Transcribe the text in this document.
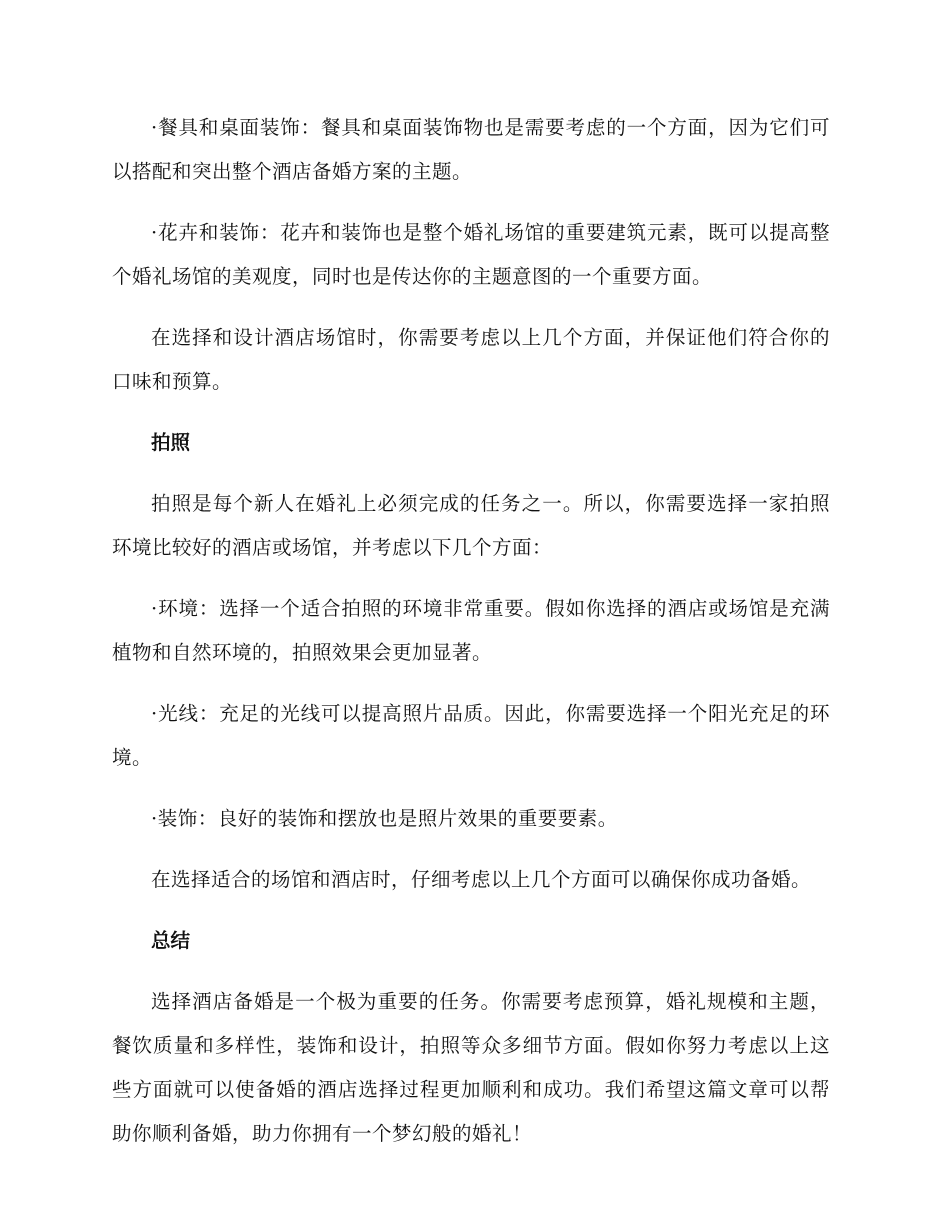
·餐具和桌面装饰：餐具和桌面装饰物也是需要考虑的一个方面，因为它们可以搭配和突出整个酒店备婚方案的主题。

·花卉和装饰：花卉和装饰也是整个婚礼场馆的重要建筑元素，既可以提高整个婚礼场馆的美观度，同时也是传达你的主题意图的一个重要方面。

在选择和设计酒店场馆时，你需要考虑以上几个方面，并保证他们符合你的口味和预算。

拍照

拍照是每个新人在婚礼上必须完成的任务之一。所以，你需要选择一家拍照环境比较好的酒店或场馆，并考虑以下几个方面：

·环境：选择一个适合拍照的环境非常重要。假如你选择的酒店或场馆是充满植物和自然环境的，拍照效果会更加显著。

·光线：充足的光线可以提高照片品质。因此，你需要选择一个阳光充足的环境。

·装饰：良好的装饰和摆放也是照片效果的重要要素。

在选择适合的场馆和酒店时，仔细考虑以上几个方面可以确保你成功备婚。

总结

选择酒店备婚是一个极为重要的任务。你需要考虑预算，婚礼规模和主题，餐饮质量和多样性，装饰和设计，拍照等众多细节方面。假如你努力考虑以上这些方面就可以使备婚的酒店选择过程更加顺利和成功。我们希望这篇文章可以帮助你顺利备婚，助力你拥有一个梦幻般的婚礼！
